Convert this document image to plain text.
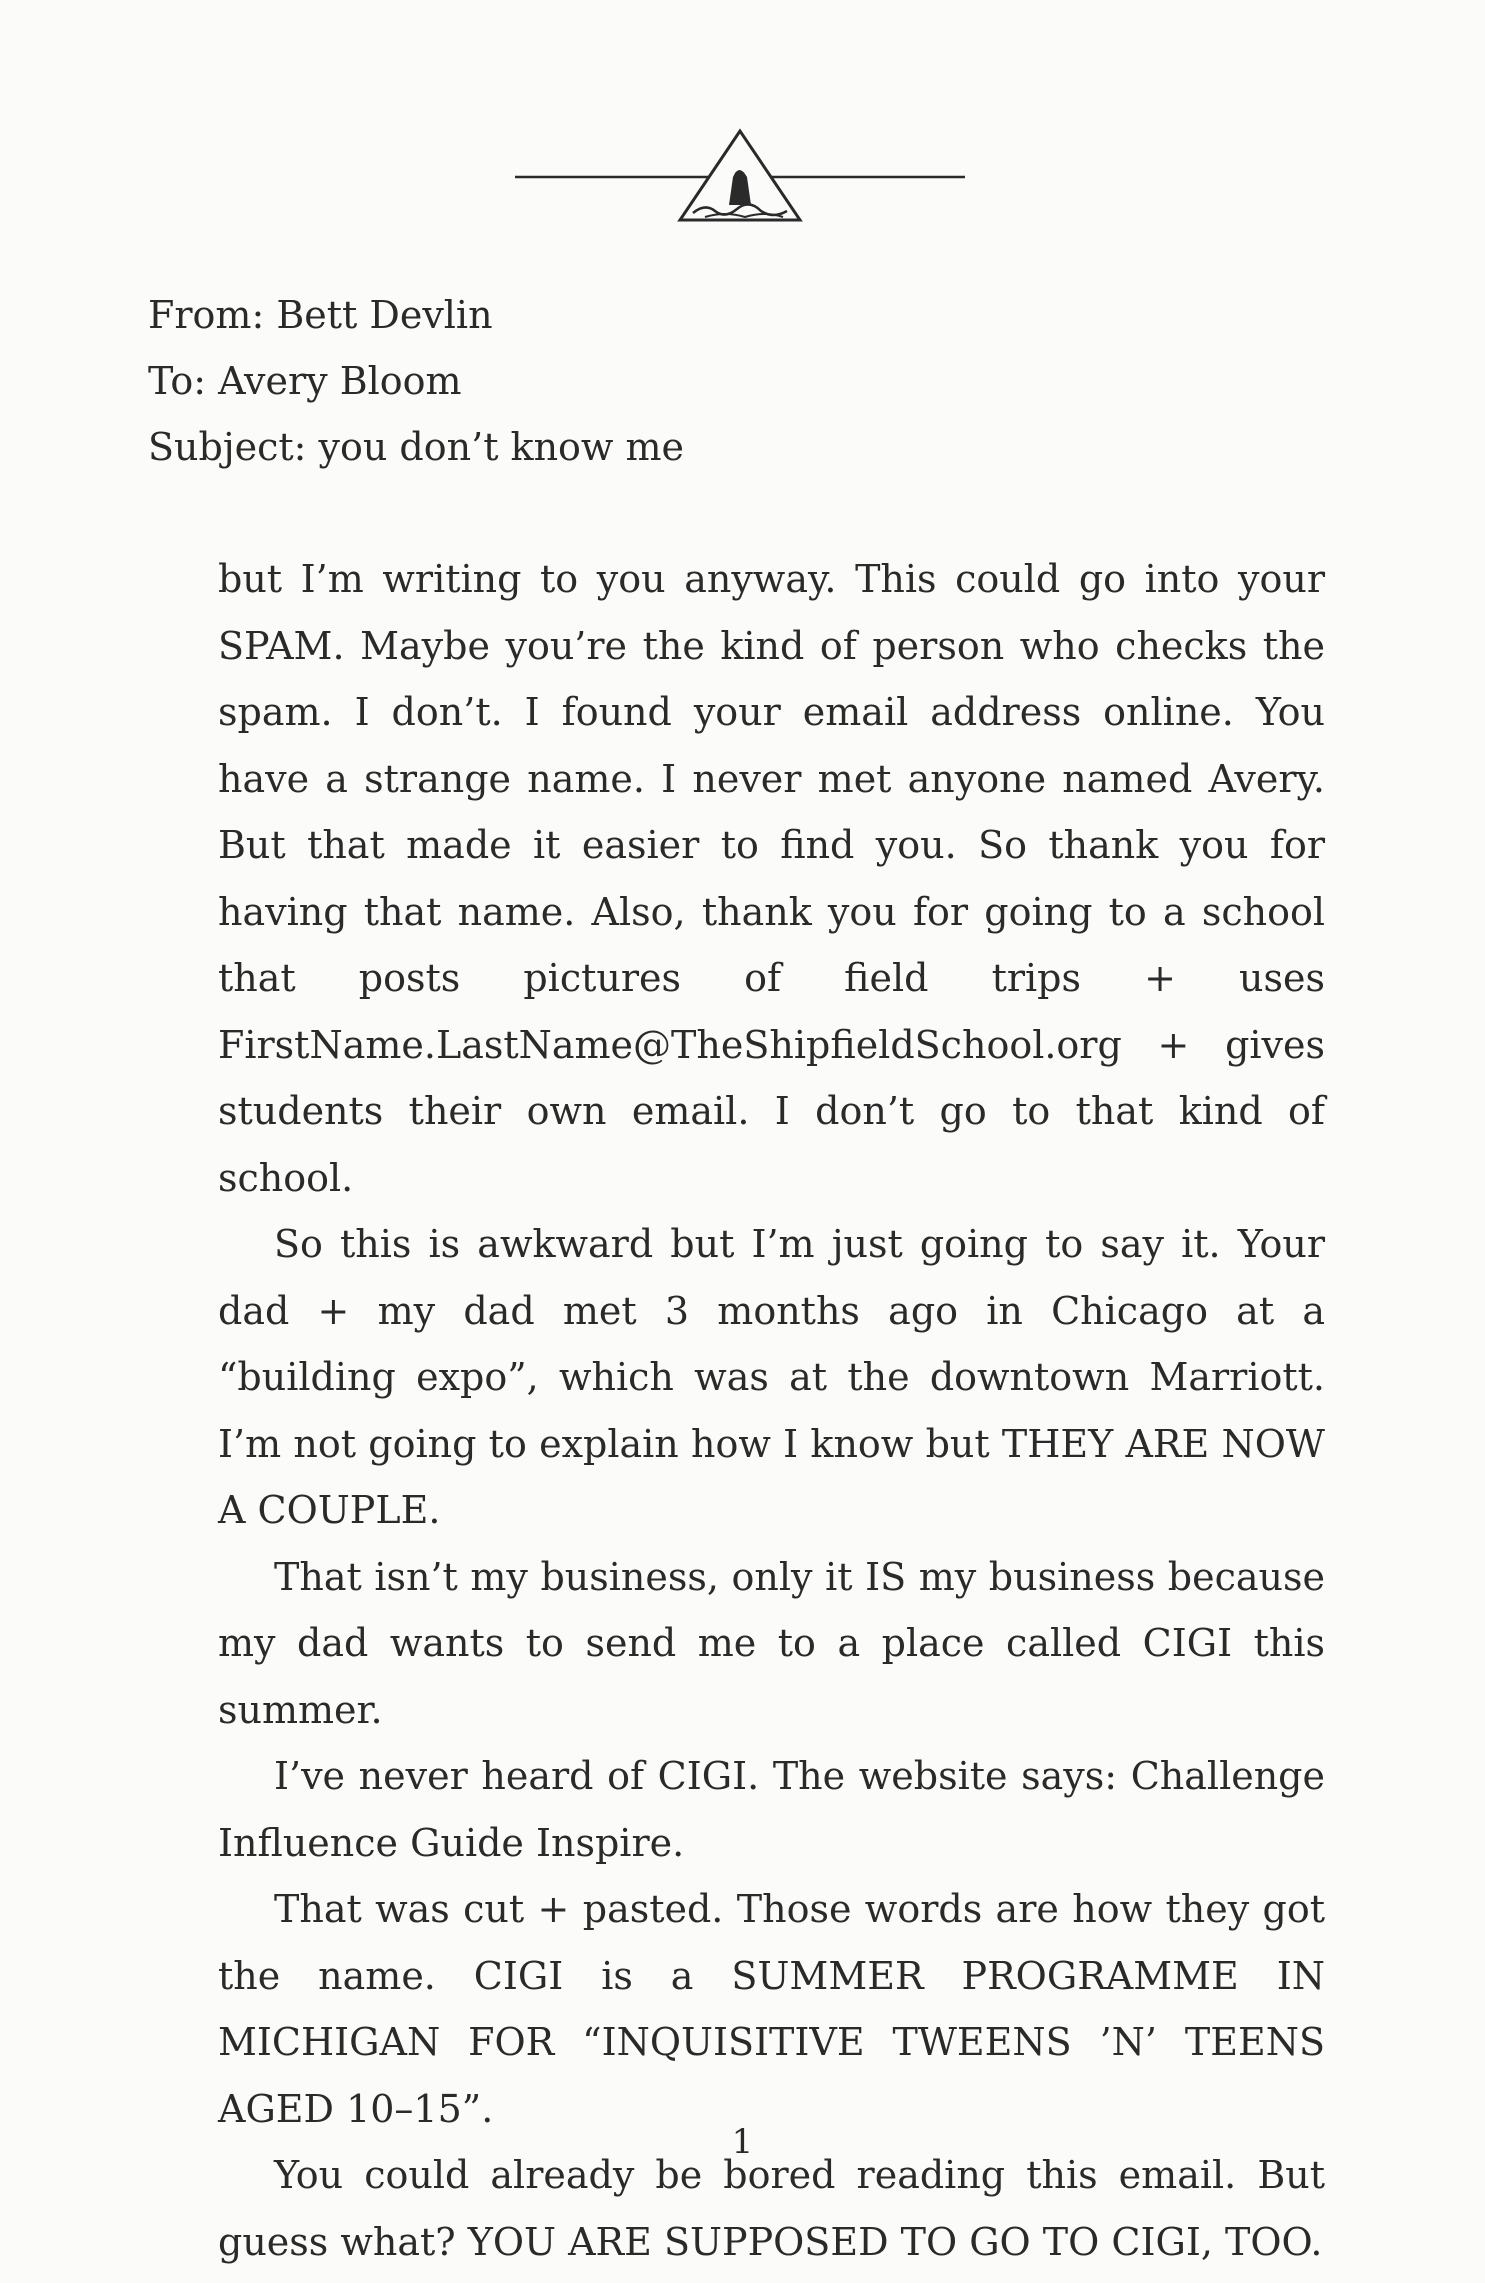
From: Bett Devlin
To: Avery Bloom
Subject: you don’t know me

but I’m writing to you anyway. This could go into your SPAM. Maybe you’re the kind of person who checks the spam. I don’t. I found your email address online. You have a strange name. I never met anyone named Avery. But that made it easier to find you. So thank you for having that name. Also, thank you for going to a school that posts pictures of field trips + uses FirstName.LastName@TheShipfieldSchool.org + gives students their own email. I don’t go to that kind of school.

So this is awkward but I’m just going to say it. Your dad + my dad met 3 months ago in Chicago at a “building expo”, which was at the downtown Marriott. I’m not going to explain how I know but THEY ARE NOW A COUPLE.

That isn’t my business, only it IS my business because my dad wants to send me to a place called CIGI this summer.

I’ve never heard of CIGI. The website says: Challenge Influence Guide Inspire.

That was cut + pasted. Those words are how they got the name. CIGI is a SUMMER PROGRAMME IN MICHIGAN FOR “INQUISITIVE TWEENS ’N’ TEENS AGED 10–15”.

You could already be bored reading this email. But guess what? YOU ARE SUPPOSED TO GO TO CIGI, TOO.

1
